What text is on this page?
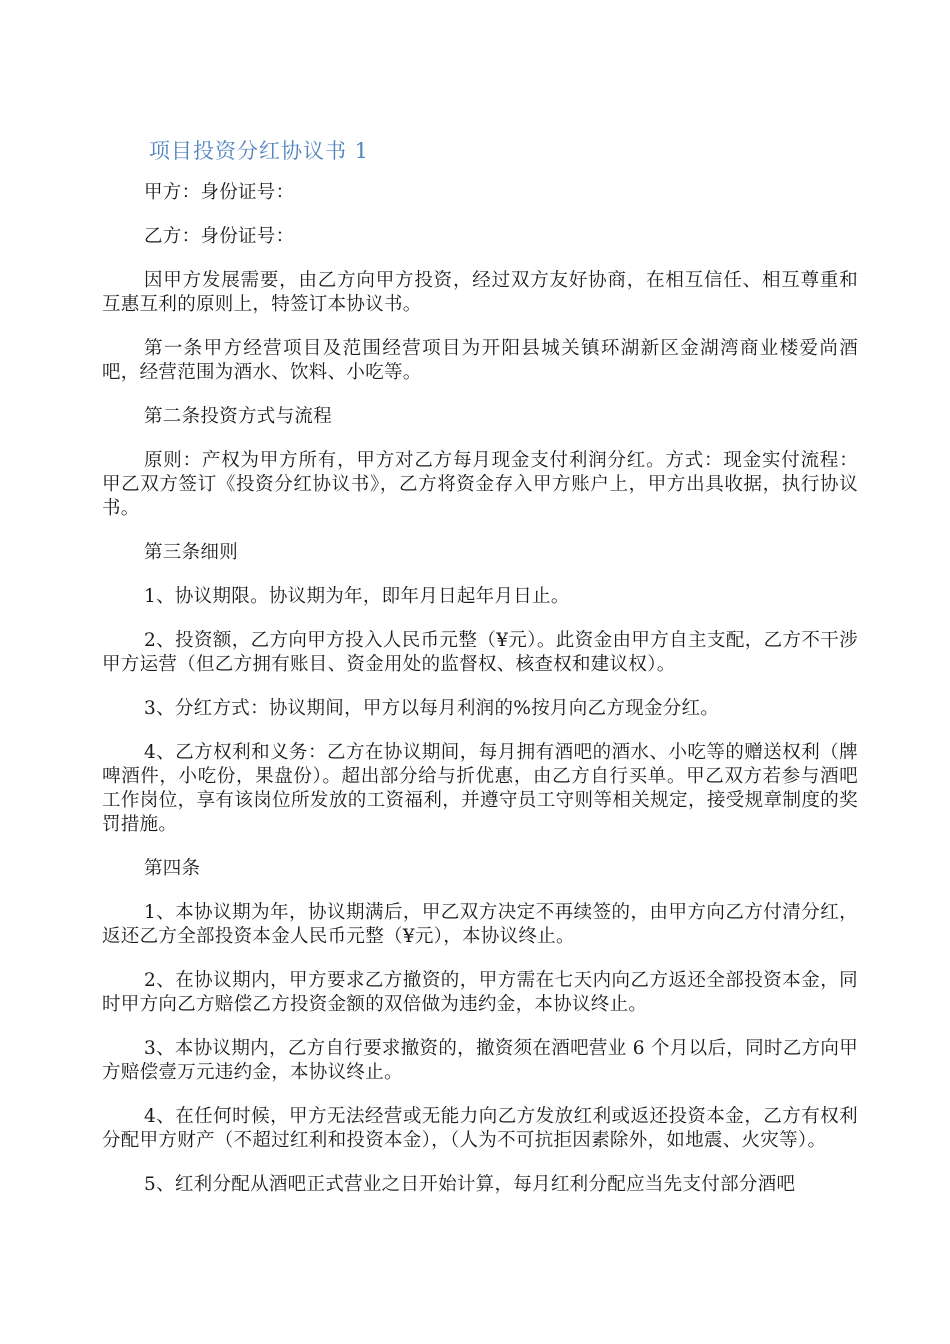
项目投资分红协议书 1

甲方：身份证号：

乙方：身份证号：

因甲方发展需要，由乙方向甲方投资，经过双方友好协商，在相互信任、相互尊重和互惠互利的原则上，特签订本协议书。

第一条甲方经营项目及范围经营项目为开阳县城关镇环湖新区金湖湾商业楼爱尚酒吧，经营范围为酒水、饮料、小吃等。

第二条投资方式与流程

原则：产权为甲方所有，甲方对乙方每月现金支付利润分红。方式：现金实付流程：甲乙双方签订《投资分红协议书》，乙方将资金存入甲方账户上，甲方出具收据，执行协议书。

第三条细则

1、协议期限。协议期为年，即年月日起年月日止。

2、投资额，乙方向甲方投入人民币元整（¥元）。此资金由甲方自主支配，乙方不干涉甲方运营（但乙方拥有账目、资金用处的监督权、核查权和建议权）。

3、分红方式：协议期间，甲方以每月利润的%按月向乙方现金分红。

4、乙方权利和义务：乙方在协议期间，每月拥有酒吧的酒水、小吃等的赠送权利（牌啤酒件，小吃份，果盘份）。超出部分给与折优惠，由乙方自行买单。甲乙双方若参与酒吧工作岗位，享有该岗位所发放的工资福利，并遵守员工守则等相关规定，接受规章制度的奖罚措施。

第四条

1、本协议期为年，协议期满后，甲乙双方决定不再续签的，由甲方向乙方付清分红，返还乙方全部投资本金人民币元整（¥元），本协议终止。

2、在协议期内，甲方要求乙方撤资的，甲方需在七天内向乙方返还全部投资本金，同时甲方向乙方赔偿乙方投资金额的双倍做为违约金，本协议终止。

3、本协议期内，乙方自行要求撤资的，撤资须在酒吧营业 6 个月以后，同时乙方向甲方赔偿壹万元违约金，本协议终止。

4、在任何时候，甲方无法经营或无能力向乙方发放红利或返还投资本金，乙方有权利分配甲方财产（不超过红利和投资本金），（人为不可抗拒因素除外，如地震、火灾等）。

5、红利分配从酒吧正式营业之日开始计算，每月红利分配应当先支付部分酒吧
